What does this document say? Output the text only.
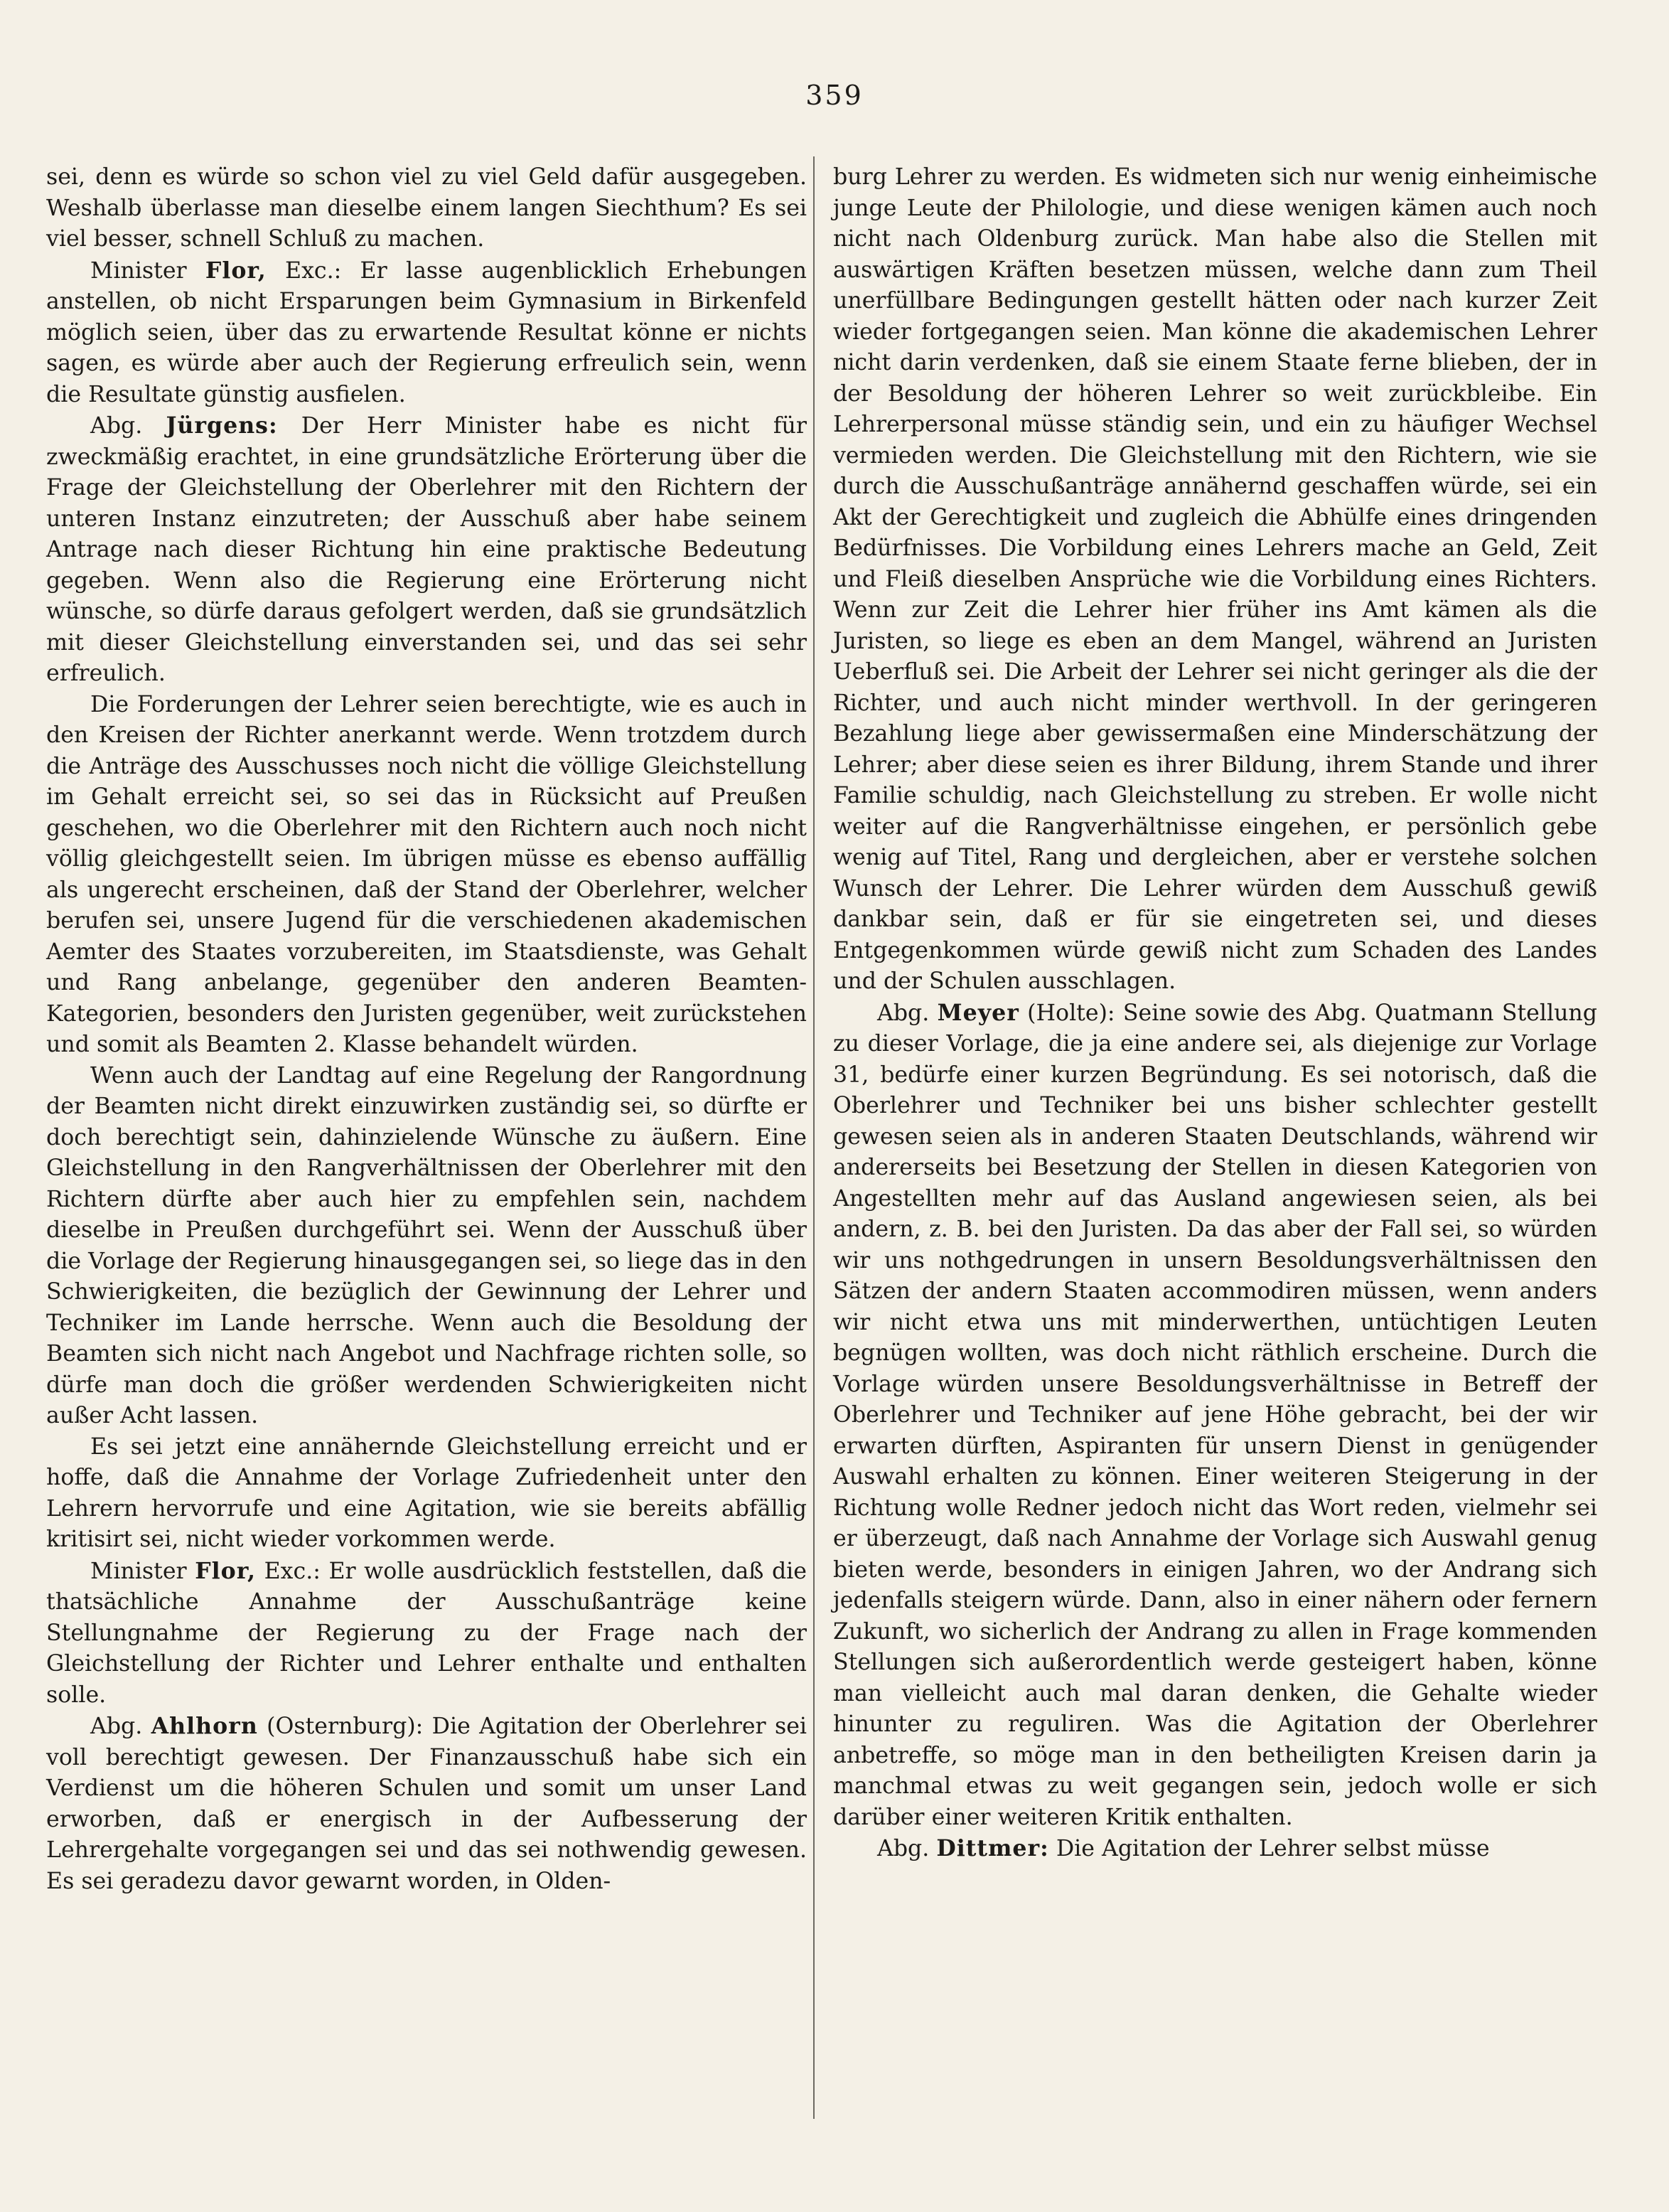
359

sei, denn es würde so schon viel zu viel Geld dafür ausgegeben. Weshalb überlasse man dieselbe einem langen Siechthum? Es sei viel besser, schnell Schluß zu machen.

Minister Flor, Exc.: Er lasse augenblicklich Erhebungen anstellen, ob nicht Ersparungen beim Gymnasium in Birkenfeld möglich seien, über das zu erwartende Resultat könne er nichts sagen, es würde aber auch der Regierung erfreulich sein, wenn die Resultate günstig ausfielen.

Abg. Jürgens: Der Herr Minister habe es nicht für zweckmäßig erachtet, in eine grundsätzliche Erörterung über die Frage der Gleichstellung der Oberlehrer mit den Richtern der unteren Instanz einzutreten; der Ausschuß aber habe seinem Antrage nach dieser Richtung hin eine praktische Bedeutung gegeben. Wenn also die Regierung eine Erörterung nicht wünsche, so dürfe daraus gefolgert werden, daß sie grundsätzlich mit dieser Gleichstellung einverstanden sei, und das sei sehr erfreulich.

Die Forderungen der Lehrer seien berechtigte, wie es auch in den Kreisen der Richter anerkannt werde. Wenn trotzdem durch die Anträge des Ausschusses noch nicht die völlige Gleichstellung im Gehalt erreicht sei, so sei das in Rücksicht auf Preußen geschehen, wo die Oberlehrer mit den Richtern auch noch nicht völlig gleichgestellt seien. Im übrigen müsse es ebenso auffällig als ungerecht erscheinen, daß der Stand der Oberlehrer, welcher berufen sei, unsere Jugend für die verschiedenen akademischen Aemter des Staates vorzubereiten, im Staatsdienste, was Gehalt und Rang anbelange, gegenüber den anderen Beamten-Kategorien, besonders den Juristen gegenüber, weit zurückstehen und somit als Beamten 2. Klasse behandelt würden.

Wenn auch der Landtag auf eine Regelung der Rangordnung der Beamten nicht direkt einzuwirken zuständig sei, so dürfte er doch berechtigt sein, dahinzielende Wünsche zu äußern. Eine Gleichstellung in den Rangverhältnissen der Oberlehrer mit den Richtern dürfte aber auch hier zu empfehlen sein, nachdem dieselbe in Preußen durchgeführt sei. Wenn der Ausschuß über die Vorlage der Regierung hinausgegangen sei, so liege das in den Schwierigkeiten, die bezüglich der Gewinnung der Lehrer und Techniker im Lande herrsche. Wenn auch die Besoldung der Beamten sich nicht nach Angebot und Nachfrage richten solle, so dürfe man doch die größer werdenden Schwierigkeiten nicht außer Acht lassen.

Es sei jetzt eine annähernde Gleichstellung erreicht und er hoffe, daß die Annahme der Vorlage Zufriedenheit unter den Lehrern hervorrufe und eine Agitation, wie sie bereits abfällig kritisirt sei, nicht wieder vorkommen werde.

Minister Flor, Exc.: Er wolle ausdrücklich feststellen, daß die thatsächliche Annahme der Ausschußanträge keine Stellungnahme der Regierung zu der Frage nach der Gleichstellung der Richter und Lehrer enthalte und enthalten solle.

Abg. Ahlhorn (Osternburg): Die Agitation der Oberlehrer sei voll berechtigt gewesen. Der Finanzausschuß habe sich ein Verdienst um die höheren Schulen und somit um unser Land erworben, daß er energisch in der Aufbesserung der Lehrergehalte vorgegangen sei und das sei nothwendig gewesen. Es sei geradezu davor gewarnt worden, in Olden-

burg Lehrer zu werden. Es widmeten sich nur wenig einheimische junge Leute der Philologie, und diese wenigen kämen auch noch nicht nach Oldenburg zurück. Man habe also die Stellen mit auswärtigen Kräften besetzen müssen, welche dann zum Theil unerfüllbare Bedingungen gestellt hätten oder nach kurzer Zeit wieder fortgegangen seien. Man könne die akademischen Lehrer nicht darin verdenken, daß sie einem Staate ferne blieben, der in der Besoldung der höheren Lehrer so weit zurückbleibe. Ein Lehrerpersonal müsse ständig sein, und ein zu häufiger Wechsel vermieden werden. Die Gleichstellung mit den Richtern, wie sie durch die Ausschußanträge annähernd geschaffen würde, sei ein Akt der Gerechtigkeit und zugleich die Abhülfe eines dringenden Bedürfnisses. Die Vorbildung eines Lehrers mache an Geld, Zeit und Fleiß dieselben Ansprüche wie die Vorbildung eines Richters. Wenn zur Zeit die Lehrer hier früher ins Amt kämen als die Juristen, so liege es eben an dem Mangel, während an Juristen Ueberfluß sei. Die Arbeit der Lehrer sei nicht geringer als die der Richter, und auch nicht minder werthvoll. In der geringeren Bezahlung liege aber gewissermaßen eine Minderschätzung der Lehrer; aber diese seien es ihrer Bildung, ihrem Stande und ihrer Familie schuldig, nach Gleichstellung zu streben. Er wolle nicht weiter auf die Rangverhältnisse eingehen, er persönlich gebe wenig auf Titel, Rang und dergleichen, aber er verstehe solchen Wunsch der Lehrer. Die Lehrer würden dem Ausschuß gewiß dankbar sein, daß er für sie eingetreten sei, und dieses Entgegenkommen würde gewiß nicht zum Schaden des Landes und der Schulen ausschlagen.

Abg. Meyer (Holte): Seine sowie des Abg. Quatmann Stellung zu dieser Vorlage, die ja eine andere sei, als diejenige zur Vorlage 31, bedürfe einer kurzen Begründung. Es sei notorisch, daß die Oberlehrer und Techniker bei uns bisher schlechter gestellt gewesen seien als in anderen Staaten Deutschlands, während wir andererseits bei Besetzung der Stellen in diesen Kategorien von Angestellten mehr auf das Ausland angewiesen seien, als bei andern, z. B. bei den Juristen. Da das aber der Fall sei, so würden wir uns nothgedrungen in unsern Besoldungsverhältnissen den Sätzen der andern Staaten accommodiren müssen, wenn anders wir nicht etwa uns mit minderwerthen, untüchtigen Leuten begnügen wollten, was doch nicht räthlich erscheine. Durch die Vorlage würden unsere Besoldungsverhältnisse in Betreff der Oberlehrer und Techniker auf jene Höhe gebracht, bei der wir erwarten dürften, Aspiranten für unsern Dienst in genügender Auswahl erhalten zu können. Einer weiteren Steigerung in der Richtung wolle Redner jedoch nicht das Wort reden, vielmehr sei er überzeugt, daß nach Annahme der Vorlage sich Auswahl genug bieten werde, besonders in einigen Jahren, wo der Andrang sich jedenfalls steigern würde. Dann, also in einer nähern oder fernern Zukunft, wo sicherlich der Andrang zu allen in Frage kommenden Stellungen sich außerordentlich werde gesteigert haben, könne man vielleicht auch mal daran denken, die Gehalte wieder hinunter zu reguliren. Was die Agitation der Oberlehrer anbetreffe, so möge man in den betheiligten Kreisen darin ja manchmal etwas zu weit gegangen sein, jedoch wolle er sich darüber einer weiteren Kritik enthalten.

Abg. Dittmer: Die Agitation der Lehrer selbst müsse
